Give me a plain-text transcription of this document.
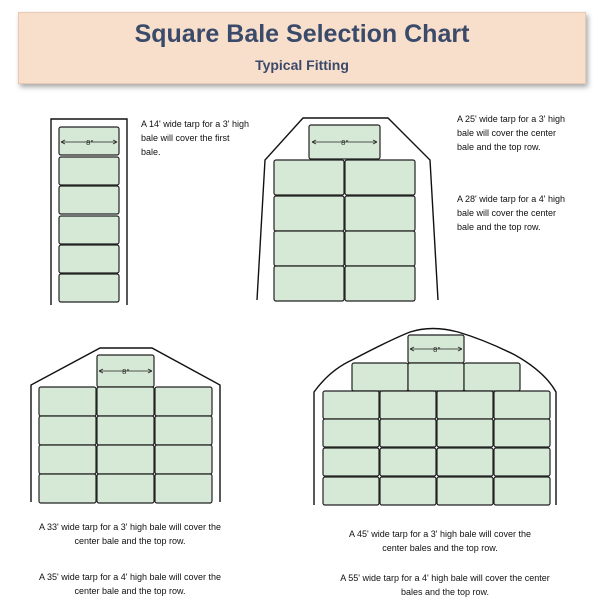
Square Bale Selection Chart
Typical Fitting
8"	8"
8"
8"
A 14' wide tarp for a 3' high bale will cover the first bale.
A 25' wide tarp for a 3' high bale will cover the center bale and the top row.
A 28' wide tarp for a 4' high bale will cover the center bale and the top row.
A 33' wide tarp for a 3' high bale will cover the center bale and the top row.
A 35' wide tarp for a 4' high bale will cover the center bale and the top row.
A 45' wide tarp for a 3' high bale will cover the center bales and the top row.
A 55' wide tarp for a 4' high bale will cover the center bales and the top row.
